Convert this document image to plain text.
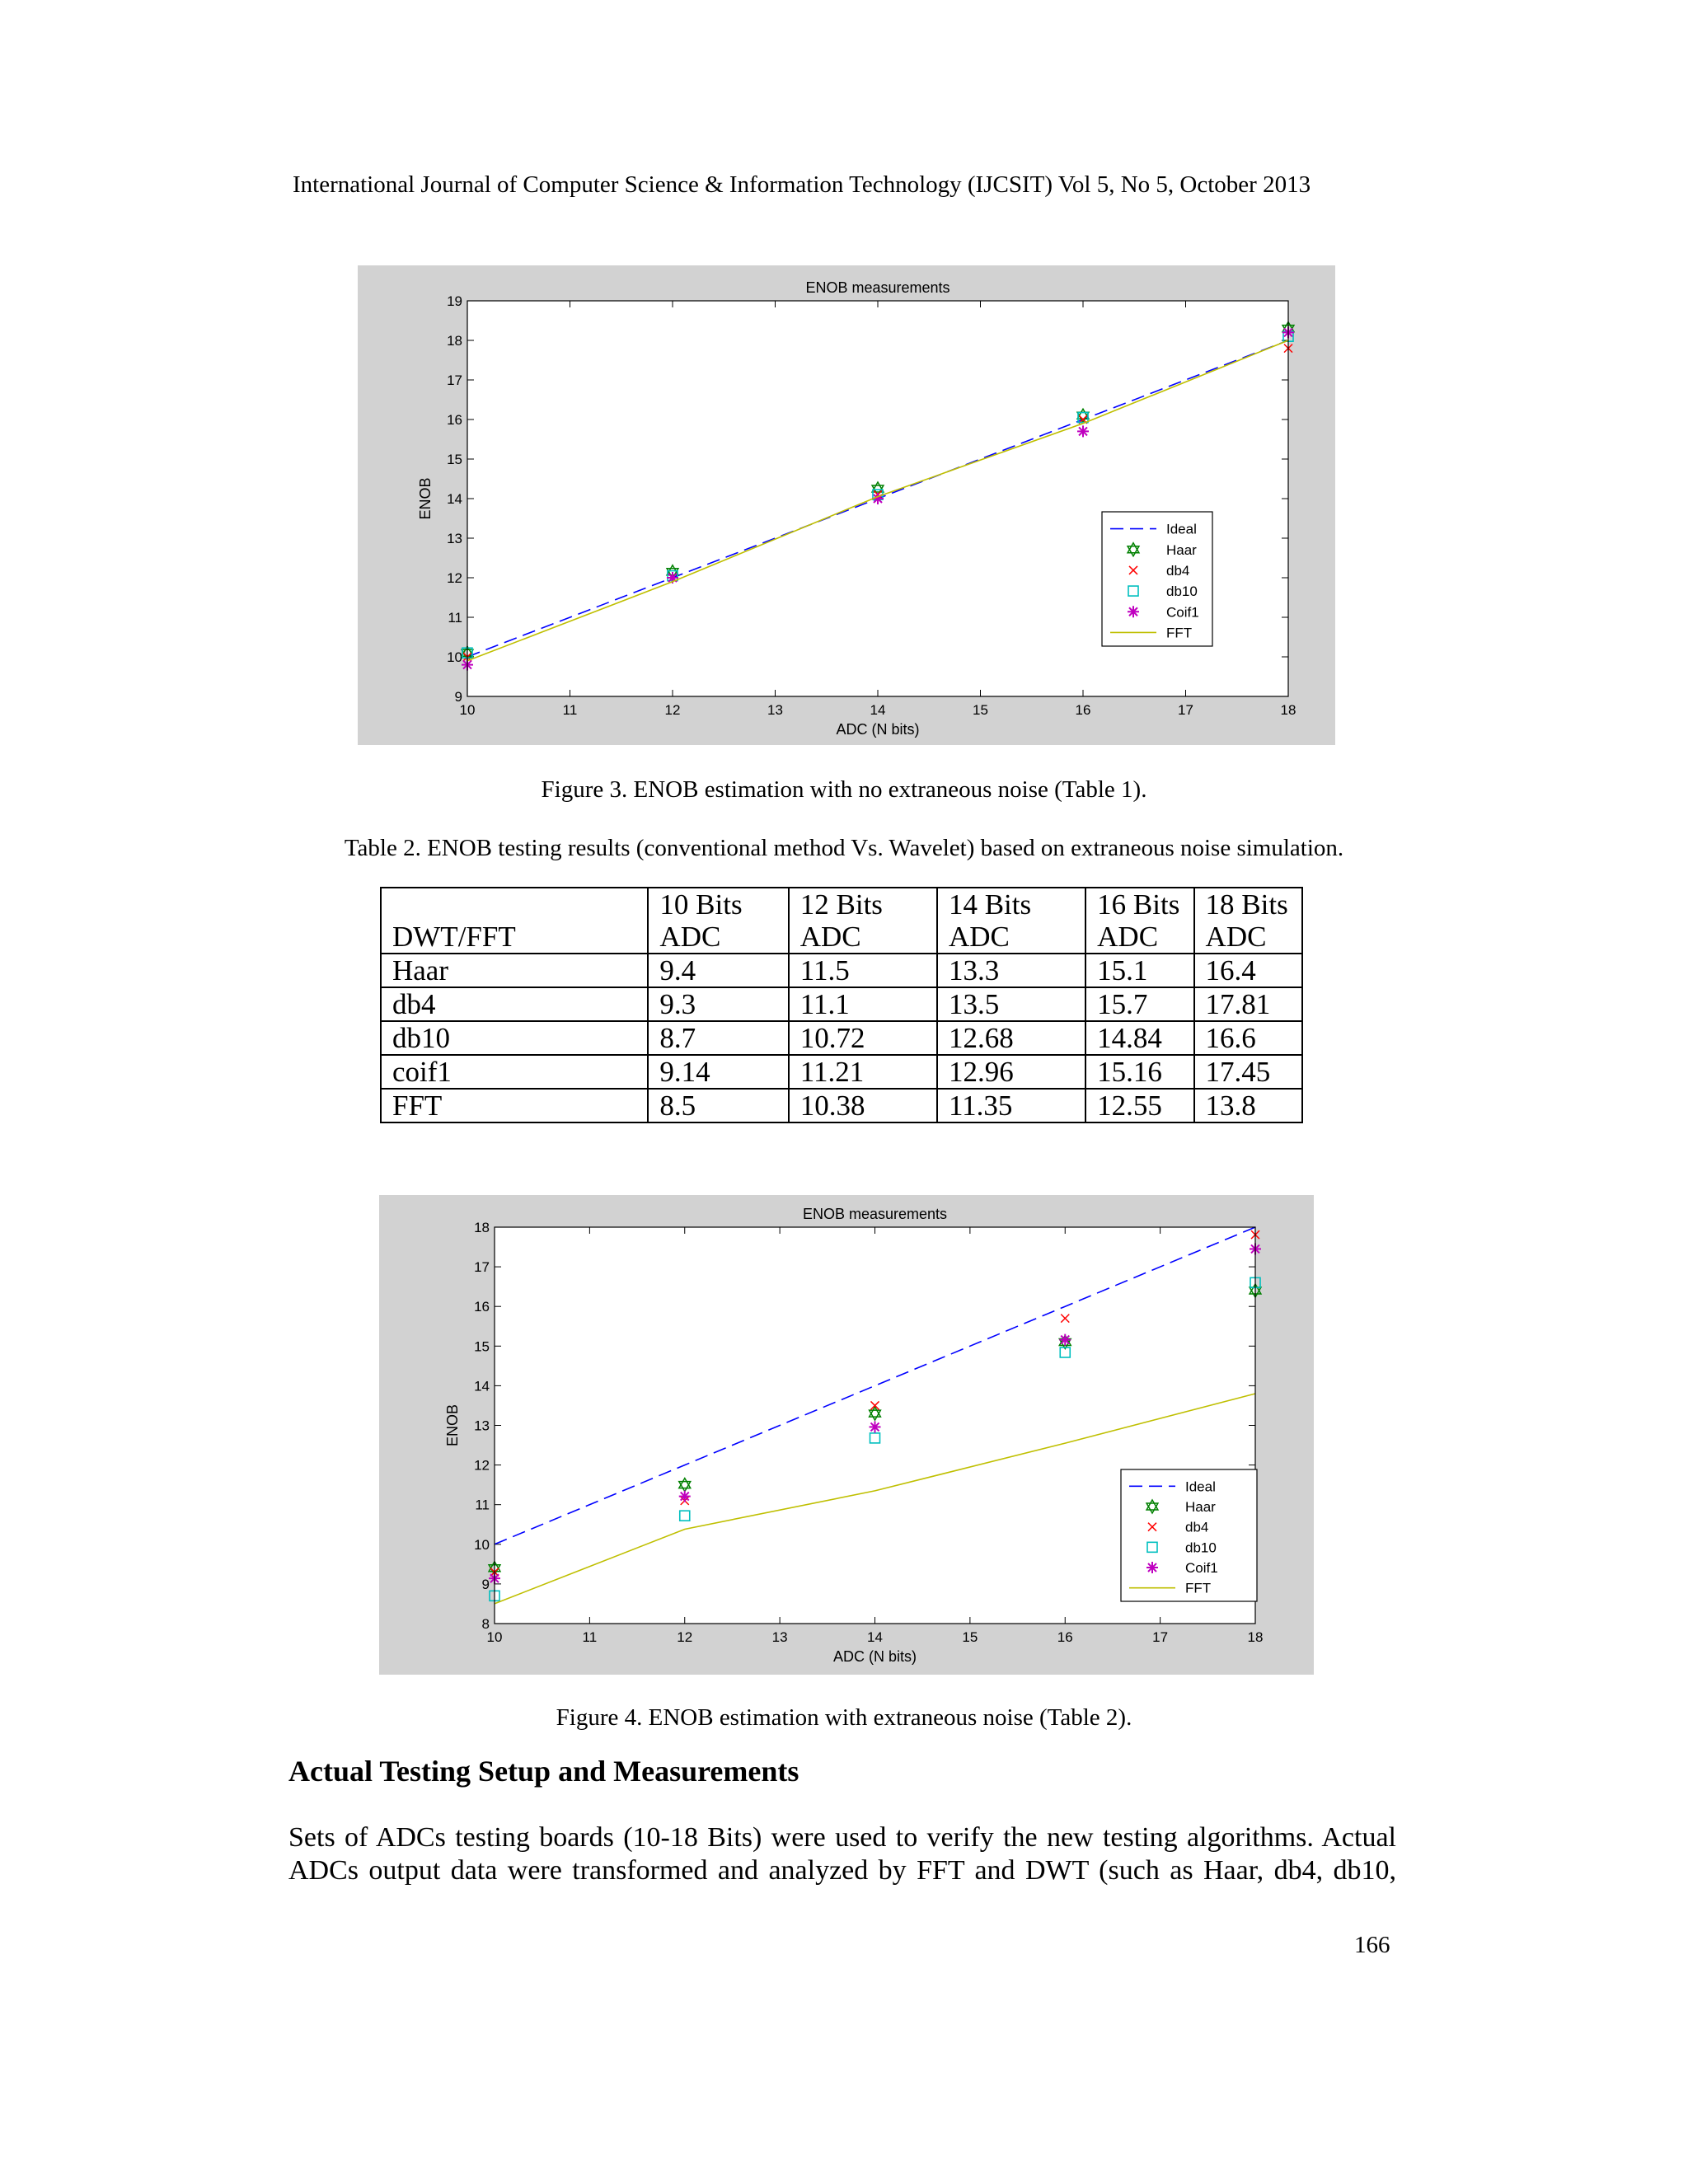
International Journal of Computer Science & Information Technology (IJCSIT) Vol 5, No 5, October 2013
10	11	12	13	14	15	16	17	18
9
10
11
12
13
14
15
16
17
18
19
ENOB measurements
ADC (N bits)
ENOB
Ideal
Haar
db4
db10
Coif1
FFT
Figure 3. ENOB estimation with no extraneous noise (Table 1).
Table 2. ENOB testing results (conventional method Vs. Wavelet) based on extraneous noise simulation.
DWT/FFT	10 Bits ADC	12 Bits ADC	14 Bits ADC	16 Bits ADC	18 Bits ADC
Haar	9.4	11.5	13.3	15.1	16.4
db4	9.3	11.1	13.5	15.7	17.81
db10	8.7	10.72	12.68	14.84	16.6
coif1	9.14	11.21	12.96	15.16	17.45
FFT	8.5	10.38	11.35	12.55	13.8
10	11	12	13	14	15	16	17	18
8
9
10
11
12
13
14
15
16
17
18
ENOB measurements
ADC (N bits)
ENOB
Ideal
Haar
db4
db10
Coif1
FFT
Figure 4. ENOB estimation with extraneous noise (Table 2).
Actual Testing Setup and Measurements
Sets of ADCs testing boards (10-18 Bits) were used to verify the new testing algorithms. Actual
ADCs output data were transformed and analyzed by FFT and DWT (such as Haar, db4, db10,
166
